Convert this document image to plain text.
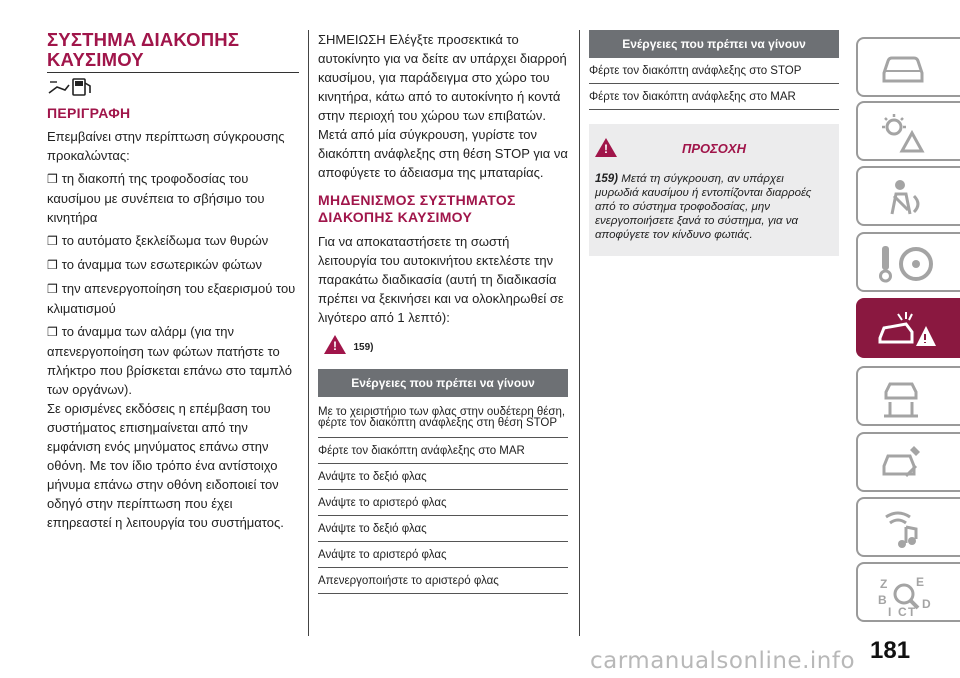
ΣΥΣΤΗΜΑ ΔΙΑΚΟΠΗΣ ΚΑΥΣΙΜΟΥ
ΠΕΡΙΓΡΑΦΗ

Επεμβαίνει στην περίπτωση σύγκρουσης προκαλώντας:

❒ τη διακοπή της τροφοδοσίας του καυσίμου με συνέπεια το σβήσιμο του κινητήρα

❒ το αυτόματο ξεκλείδωμα των θυρών

❒ το άναμμα των εσωτερικών φώτων

❒ την απενεργοποίηση του εξαερισμού του κλιματισμού

❒ το άναμμα των αλάρμ (για την απενεργοποίηση των φώτων πατήστε το πλήκτρο που βρίσκεται επάνω στο ταμπλό των οργάνων).

Σε ορισμένες εκδόσεις η επέμβαση του συστήματος επισημαίνεται από την εμφάνιση ενός μηνύματος επάνω στην οθόνη. Με τον ίδιο τρόπο ένα αντίστοιχο μήνυμα επάνω στην οθόνη ειδοποιεί τον οδηγό στην περίπτωση που έχει επηρεαστεί η λειτουργία του συστήματος.

ΣΗΜΕΙΩΣΗ Ελέγξτε προσεκτικά το αυτοκίνητο για να δείτε αν υπάρχει διαρροή καυσίμου, για παράδειγμα στο χώρο του κινητήρα, κάτω από το αυτοκίνητο ή κοντά στην περιοχή του χώρου των επιβατών. Μετά από μία σύγκρουση, γυρίστε τον διακόπτη ανάφλεξης στη θέση STOP για να αποφύγετε το άδειασμα της μπαταρίας.
ΜΗΔΕΝΙΣΜΟΣ ΣΥΣΤΗΜΑΤΟΣ ΔΙΑΚΟΠΗΣ ΚΑΥΣΙΜΟΥ
Για να αποκαταστήσετε τη σωστή λειτουργία του αυτοκινήτου εκτελέστε την παρακάτω διαδικασία (αυτή τη διαδικασία πρέπει να ξεκινήσει και να ολοκληρωθεί σε λιγότερο από 1 λεπτό):
! $^{159)}$
Ενέργειες που πρέπει να γίνουν
Με το χειριστήριο των φλας στην ουδέτερη θέση, φέρτε τον διακόπτη ανάφλεξης στη θέση STOP
Φέρτε τον διακόπτη ανάφλεξης στο MAR
Ανάψτε το δεξιό φλας
Ανάψτε το αριστερό φλας
Ανάψτε το δεξιό φλας
Ανάψτε το αριστερό φλας
Απενεργοποιήστε το αριστερό φλας
Ενέργειες που πρέπει να γίνουν
Φέρτε τον διακόπτη ανάφλεξης στο STOP
Φέρτε τον διακόπτη ανάφλεξης στο MAR
!	ΠΡΟΣΟΧΗ
159) Μετά τη σύγκρουση, αν υπάρχει μυρωδιά καυσίμου ή εντοπίζονται διαρροές από το σύστημα τροφοδοσίας, μην ενεργοποιήσετε ξανά το σύστημα, για να αποφύγετε τον κίνδυνο φωτιάς.
Z E
B	D
I C T
carmanualsonline.info 181
